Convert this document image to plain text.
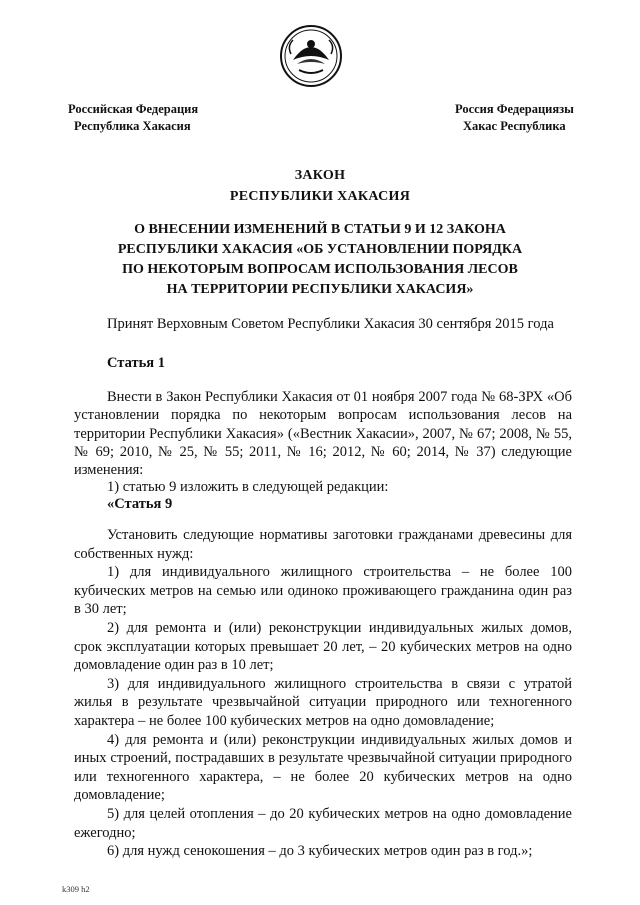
Российская Федерация
Республика Хакасия
Россия Федерациязы
Хакас Республика
ЗАКОН
РЕСПУБЛИКИ ХАКАСИЯ
О ВНЕСЕНИИ ИЗМЕНЕНИЙ В СТАТЬИ 9 И 12 ЗАКОНА
РЕСПУБЛИКИ ХАКАСИЯ «ОБ УСТАНОВЛЕНИИ ПОРЯДКА
ПО НЕКОТОРЫМ ВОПРОСАМ ИСПОЛЬЗОВАНИЯ ЛЕСОВ
НА ТЕРРИТОРИИ РЕСПУБЛИКИ ХАКАСИЯ»
Принят Верховным Советом Республики Хакасия 30 сентября 2015 года
Статья 1

Внести в Закон Республики Хакасия от 01 ноября 2007 года № 68-ЗРХ «Об установлении порядка по некоторым вопросам использования лесов на территории Республики Хакасия» («Вестник Хакасии», 2007, № 67; 2008, № 55, № 69; 2010, № 25, № 55; 2011, № 16; 2012, № 60; 2014, № 37) следующие изменения:

1) статью 9 изложить в следующей редакции:
«Статья 9

Установить следующие нормативы заготовки гражданами древесины для собственных нужд:

1) для индивидуального жилищного строительства – не более 100 кубических метров на семью или одиноко проживающего гражданина один раз в 30 лет;

2) для ремонта и (или) реконструкции индивидуальных жилых домов, срок эксплуатации которых превышает 20 лет, – 20 кубических метров на одно домовладение один раз в 10 лет;

3) для индивидуального жилищного строительства в связи с утратой жилья в результате чрезвычайной ситуации природного или техногенного характера – не более 100 кубических метров на одно домовладение;

4) для ремонта и (или) реконструкции индивидуальных жилых домов и иных строений, пострадавших в результате чрезвычайной ситуации природного или техногенного характера, – не более 20 кубических метров на одно домовладение;

5) для целей отопления – до 20 кубических метров на одно домовладение ежегодно;

6) для нужд сенокошения – до 3 кубических метров один раз в год.»;

k309 h2
